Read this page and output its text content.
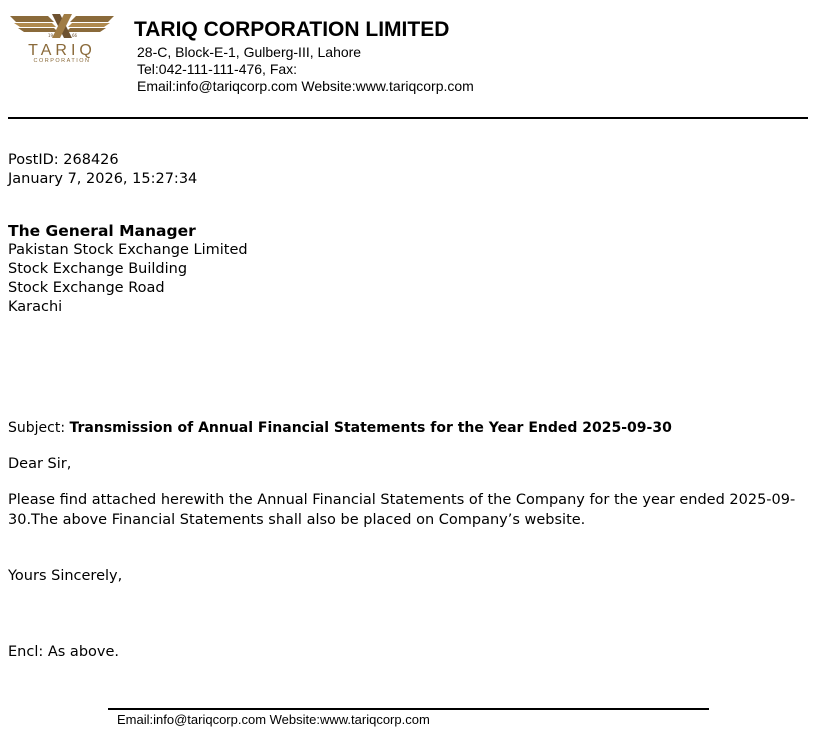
19	66
TARIQ
CORPORATION
TARIQ CORPORATION LIMITED
28-C, Block-E-1, Gulberg-III, Lahore
Tel:042-111-111-476, Fax:
Email:info@tariqcorp.com Website:www.tariqcorp.com
PostID: 268426
January 7, 2026, 15:27:34
The General Manager
Pakistan Stock Exchange Limited
Stock Exchange Building
Stock Exchange Road
Karachi
Subject: Transmission of Annual Financial Statements for the Year Ended 2025-09-30
Dear Sir,
Please find attached herewith the Annual Financial Statements of the Company for the year ended 2025-09-30.The above Financial Statements shall also be placed on Company’s website.
Yours Sincerely,
Encl: As above.
Email:info@tariqcorp.com Website:www.tariqcorp.com
